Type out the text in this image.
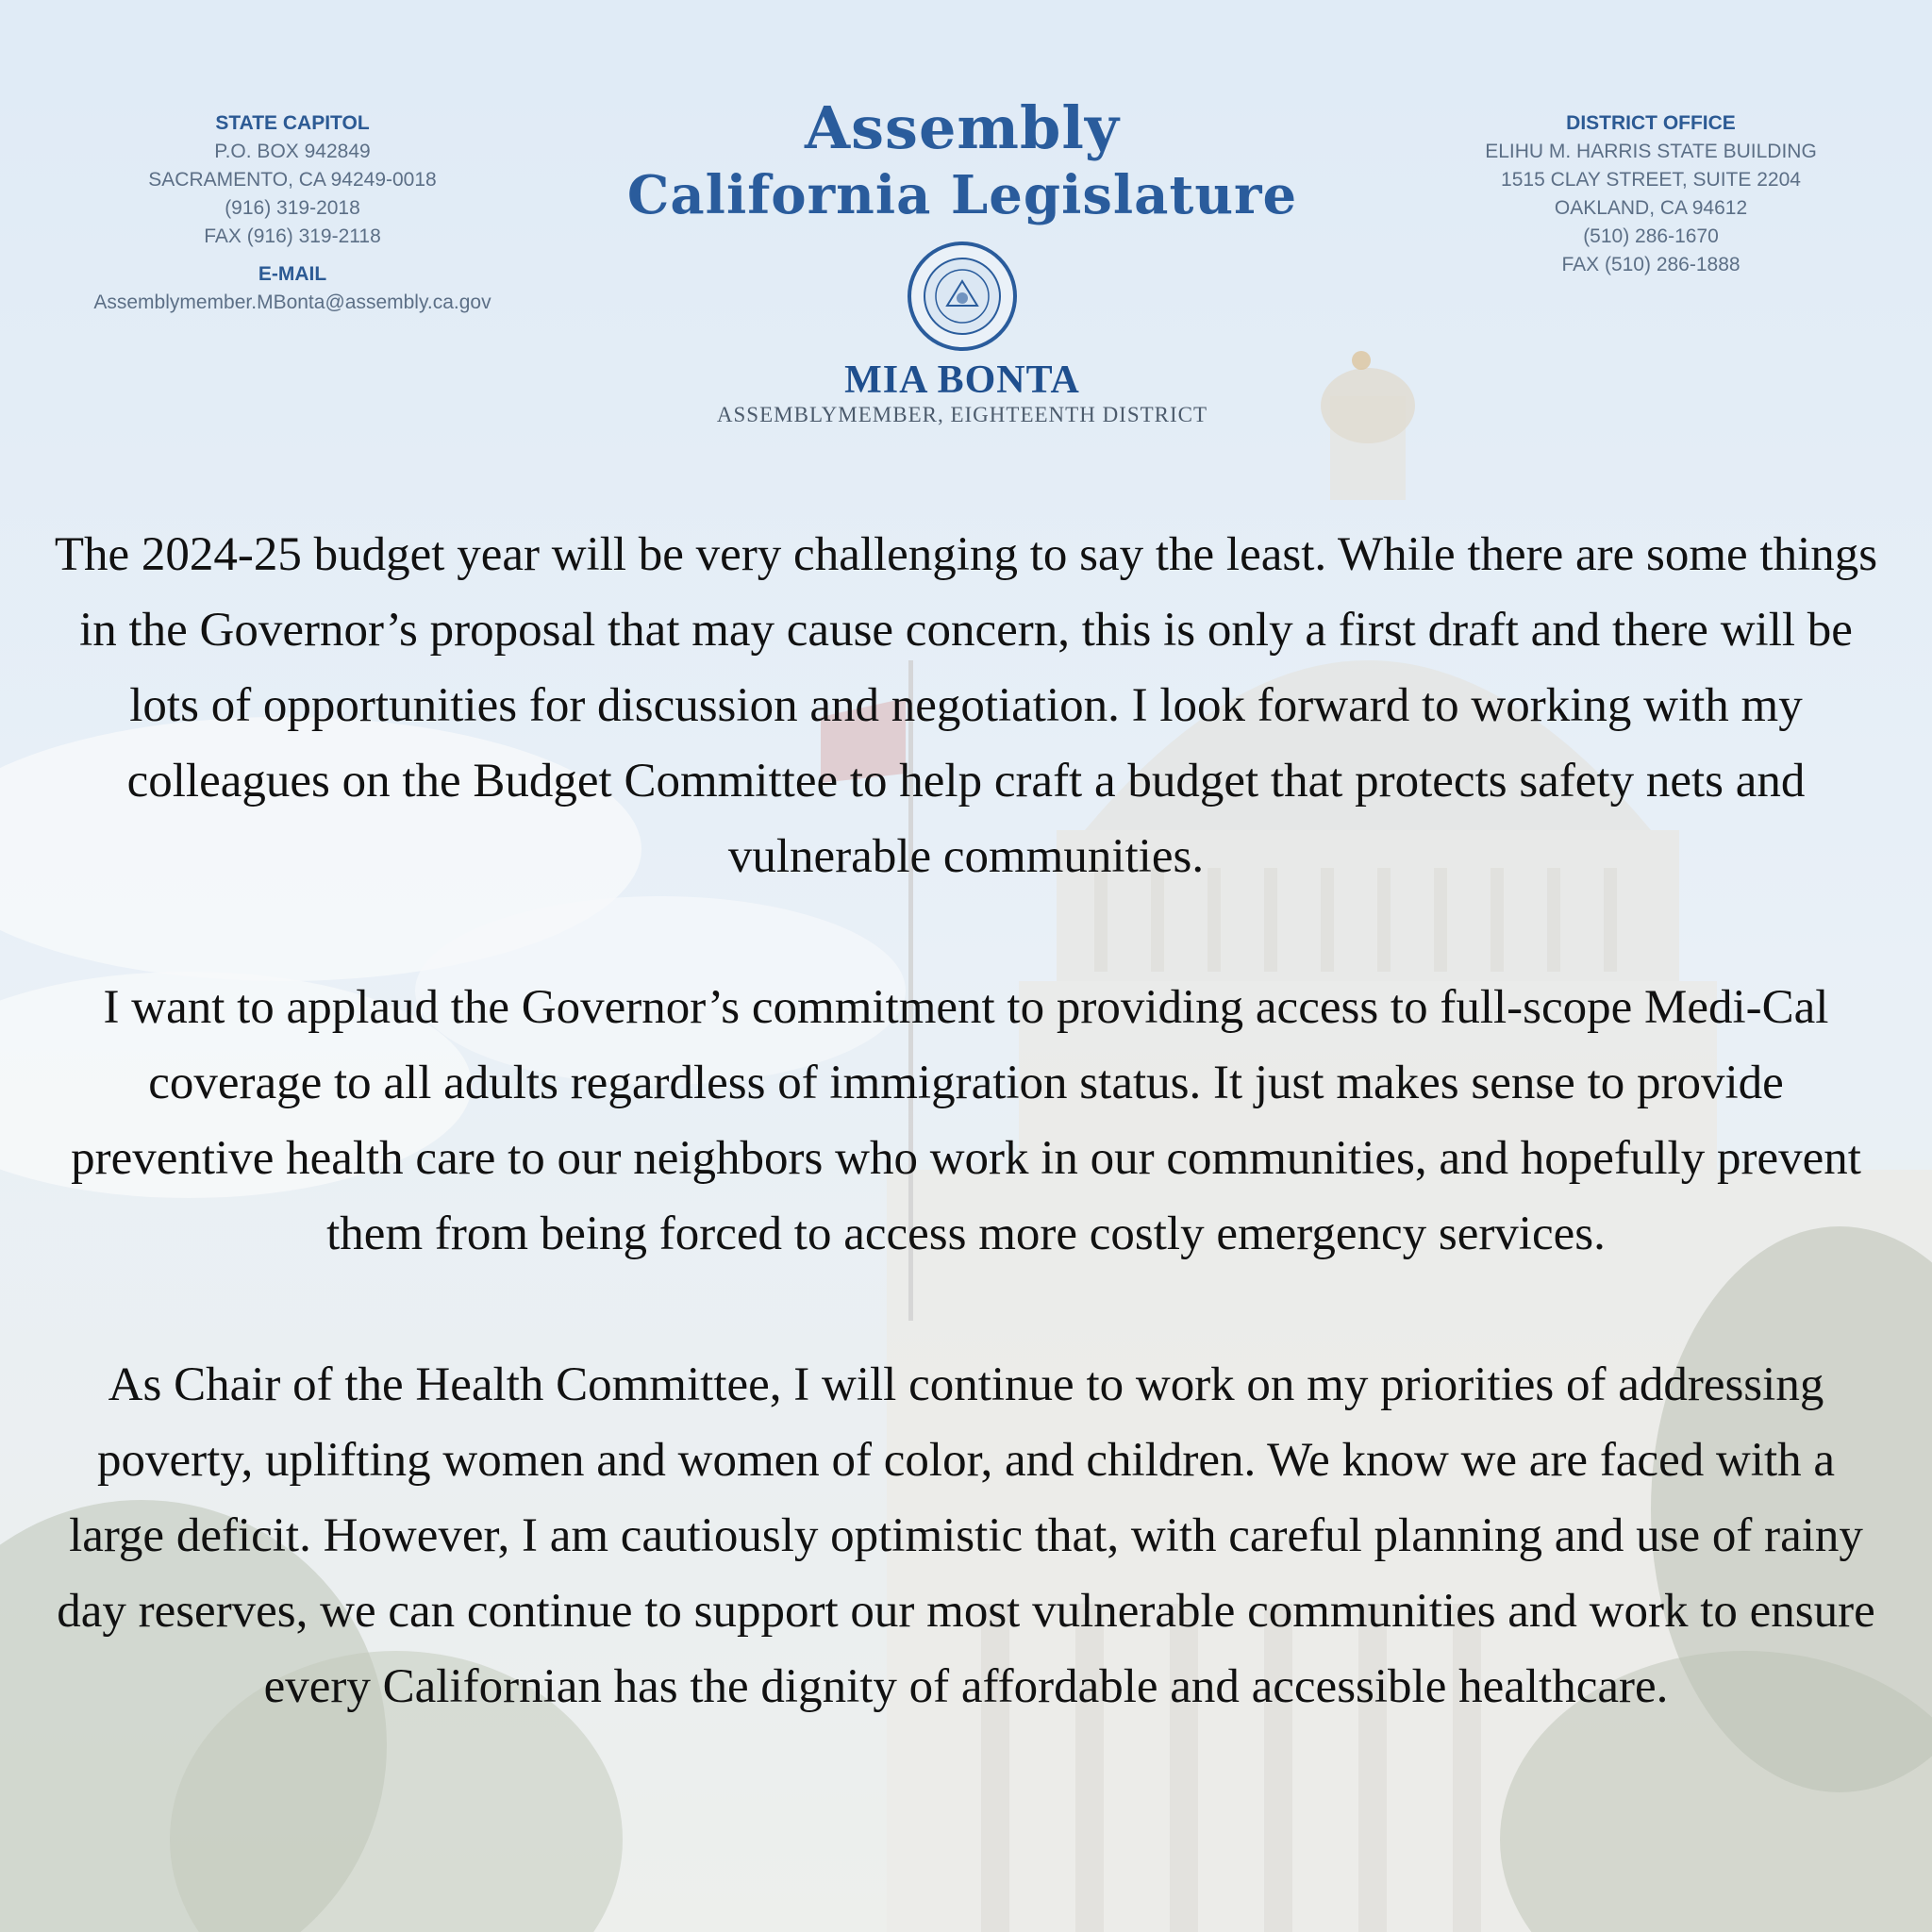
STATE CAPITOL
P.O. BOX 942849
SACRAMENTO, CA 94249-0018
(916) 319-2018
FAX (916) 319-2118
E-MAIL
Assemblymember.MBonta@assembly.ca.gov
Assembly
California Legislature
MIA BONTA
ASSEMBLYMEMBER, EIGHTEENTH DISTRICT
DISTRICT OFFICE
ELIHU M. HARRIS STATE BUILDING
1515 CLAY STREET, SUITE 2204
OAKLAND, CA 94612
(510) 286-1670
FAX (510) 286-1888

The 2024-25 budget year will be very challenging to say the least. While there are some things in the Governor’s proposal that may cause concern, this is only a first draft and there will be lots of opportunities for discussion and negotiation. I look forward to working with my colleagues on the Budget Committee to help craft a budget that protects safety nets and vulnerable communities.

I want to applaud the Governor’s commitment to providing access to full-scope Medi-Cal coverage to all adults regardless of immigration status. It just makes sense to provide preventive health care to our neighbors who work in our communities, and hopefully prevent them from being forced to access more costly emergency services.

As Chair of the Health Committee, I will continue to work on my priorities of addressing poverty, uplifting women and women of color, and children. We know we are faced with a large deficit. However, I am cautiously optimistic that, with careful planning and use of rainy day reserves, we can continue to support our most vulnerable communities and work to ensure every Californian has the dignity of affordable and accessible healthcare.
